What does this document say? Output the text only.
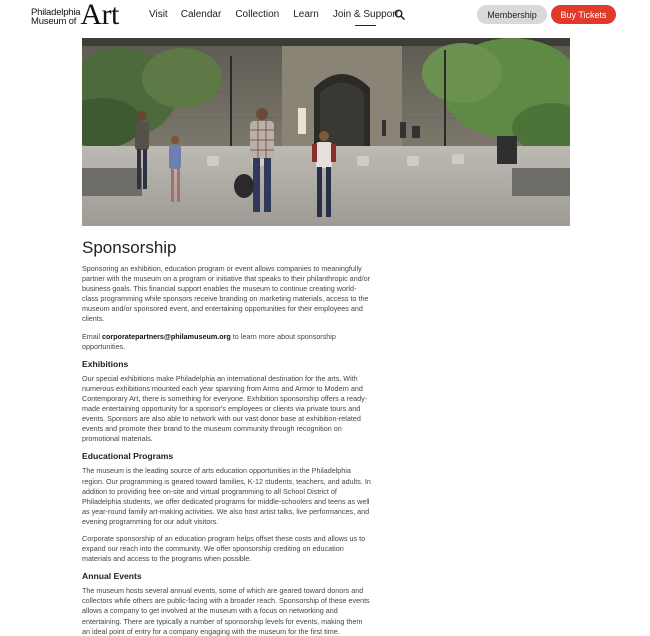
Philadelphia
Museum of Art	Visit Calendar Collection Learn Join & Support	Membership	Buy Tickets
Sponsorship

Sponsoring an exhibition, education program or event allows companies to meaningfully partner with the museum on a program or initiative that speaks to their philanthropic and/or business goals. This financial support enables the museum to continue creating world-class programming while sponsors receive branding on marketing materials, access to the museum and/or sponsored event, and entertaining opportunities for their employees and clients.

Email corporatepartners@philamuseum.org to learn more about sponsorship opportunities.

Exhibitions

Our special exhibitions make Philadelphia an international destination for the arts. With numerous exhibitions mounted each year spanning from Arms and Armor to Modern and Contemporary Art, there is something for everyone. Exhibition sponsorship offers a ready-made entertaining opportunity for a sponsor's employees or clients via private tours and events. Sponsors are also able to network with our vast donor base at exhibition-related events and promote their brand to the museum community through recognition on promotional materials.

Educational Programs

The museum is the leading source of arts education opportunities in the Philadelphia region. Our programming is geared toward families, K-12 students, teachers, and adults. In addition to providing free on-site and virtual programming to all School District of Philadelphia students, we offer dedicated programs for middle-schoolers and teens as well as year-round family art-making activities. We also host artist talks, live performances, and evening programming for our adult visitors.

Corporate sponsorship of an education program helps offset these costs and allows us to expand our reach into the community. We offer sponsorship crediting on education materials and access to the programs when possible.

Annual Events

The museum hosts several annual events, some of which are geared toward donors and collectors while others are public-facing with a broader reach. Sponsorship of these events allows a company to get involved at the museum with a focus on networking and entertaining. There are typically a number of sponsorship levels for events, making them an ideal point of entry for a company engaging with the museum for the first time.
